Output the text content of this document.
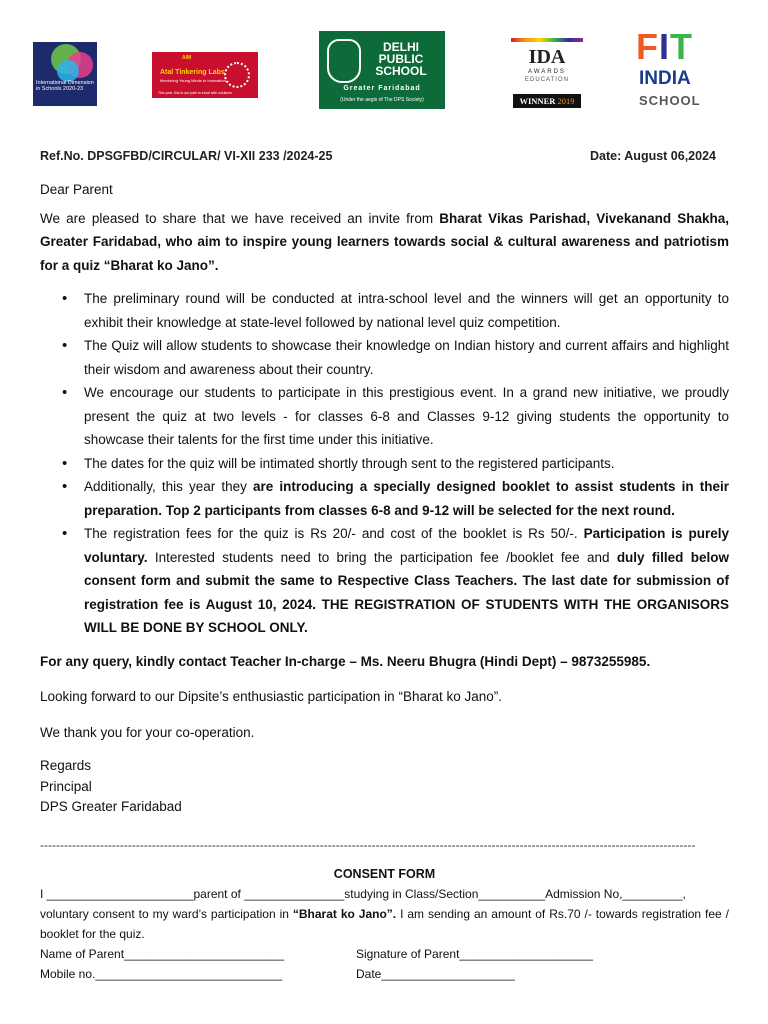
International Dimension in Schools 2020-23
AIM
Atal Tinkering Labs
Mentoring Young Minds to Innovation
This year, this is our path to excel with solutions
DELHI PUBLIC SCHOOL
Greater Faridabad
(Under the aegis of The DPS Society)
IDA
AWARDS
EDUCATION
WINNER 2019
FIT
INDIA
SCHOOL
Ref.No. DPSGFBD/CIRCULAR/ VI-XII 233 /2024-25	Date: August 06,2024

Dear Parent

We are pleased to share that we have received an invite from Bharat Vikas Parishad, Vivekanand Shakha, Greater Faridabad, who aim to inspire young learners towards social & cultural awareness and patriotism for a quiz “Bharat ko Jano”.

• The preliminary round will be conducted at intra-school level and the winners will get an opportunity to exhibit their knowledge at state-level followed by national level quiz competition.
• The Quiz will allow students to showcase their knowledge on Indian history and current affairs and highlight their wisdom and awareness about their country.
• We encourage our students to participate in this prestigious event. In a grand new initiative, we proudly present the quiz at two levels - for classes 6-8 and Classes 9-12 giving students the opportunity to showcase their talents for the first time under this initiative.
• The dates for the quiz will be intimated shortly through sent to the registered participants.
• Additionally, this year they are introducing a specially designed booklet to assist students in their preparation. Top 2 participants from classes 6-8 and 9-12 will be selected for the next round.
• The registration fees for the quiz is Rs 20/- and cost of the booklet is Rs 50/-. Participation is purely voluntary. Interested students need to bring the participation fee /booklet fee and duly filled below consent form and submit the same to Respective Class Teachers. The last date for submission of registration fee is August 10, 2024. THE REGISTRATION OF STUDENTS WITH THE ORGANISORS WILL BE DONE BY SCHOOL ONLY.

For any query, kindly contact Teacher In-charge – Ms. Neeru Bhugra (Hindi Dept) – 9873255985.

Looking forward to our Dipsite’s enthusiastic participation in “Bharat ko Jano”.

We thank you for your co-operation.

Regards
Principal
DPS Greater Faridabad
--------------------------------------------------------------------------------------------------------------------------------------------------------------------

CONSENT FORM

I ______________________parent of _______________studying in Class/Section__________Admission No,_________,

voluntary consent to my ward’s participation in “Bharat ko Jano”. I am sending an amount of Rs.70 /- towards registration fee / booklet for the quiz.

Name of Parent________________________	Signature of Parent____________________
Mobile no.____________________________	Date____________________
